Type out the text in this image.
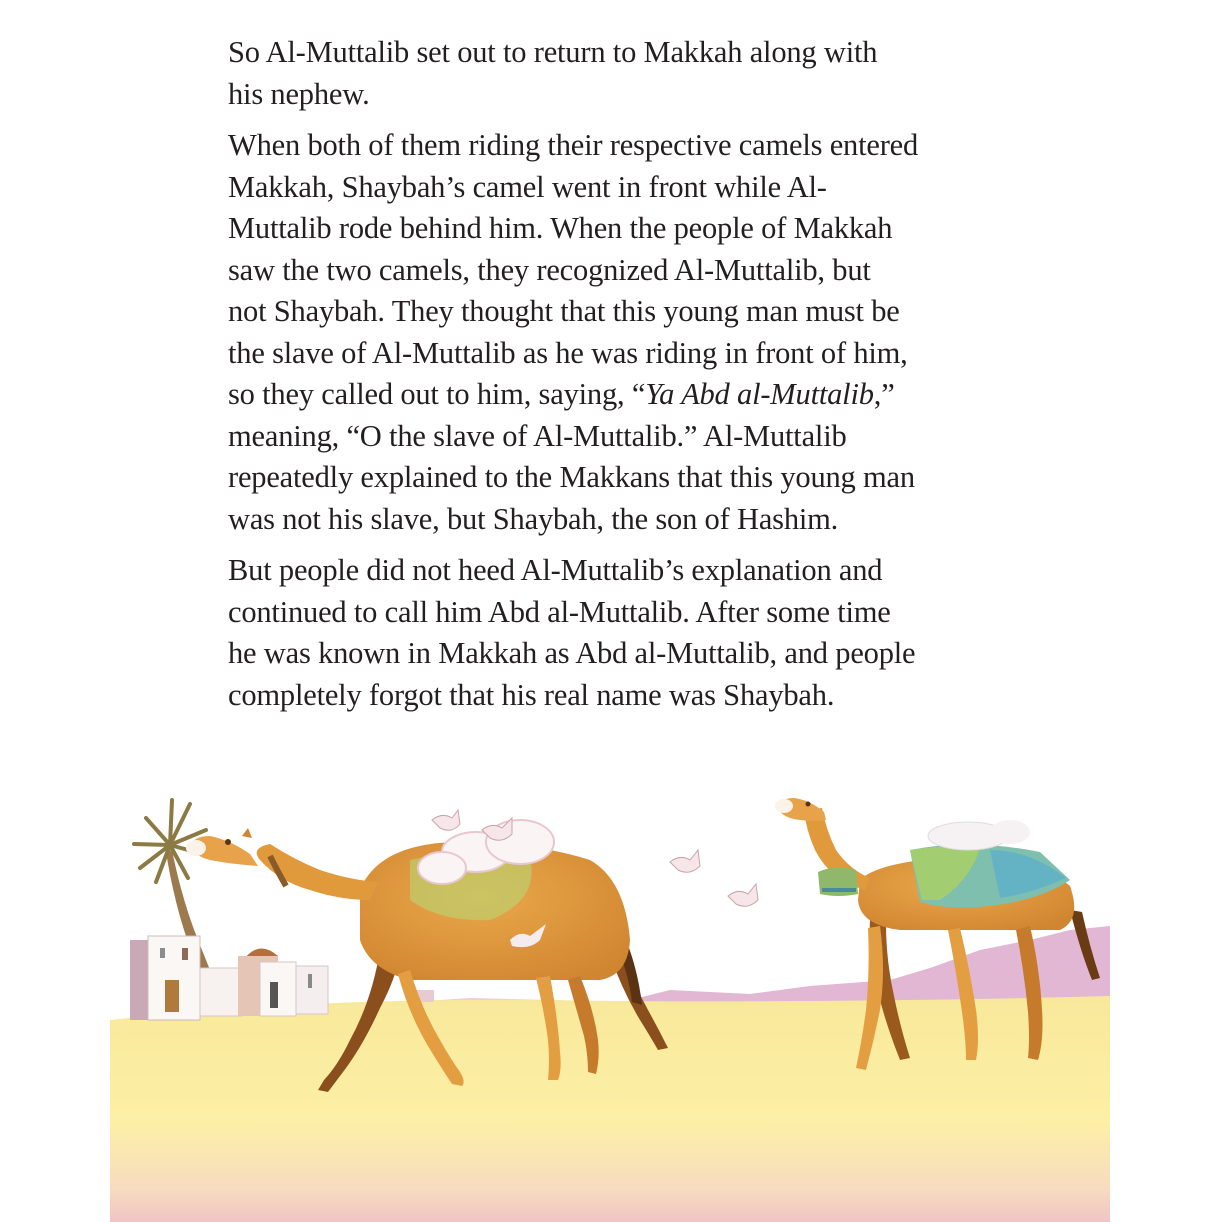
So Al-Muttalib set out to return to Makkah along with
his nephew.

When both of them riding their respective camels entered
Makkah, Shaybah’s camel went in front while Al-
Muttalib rode behind him. When the people of Makkah
saw the two camels, they recognized Al-Muttalib, but
not Shaybah. They thought that this young man must be
the slave of Al-Muttalib as he was riding in front of him,
so they called out to him, saying, “Ya Abd al-Muttalib,”
meaning, “O the slave of Al-Muttalib.” Al-Muttalib
repeatedly explained to the Makkans that this young man
was not his slave, but Shaybah, the son of Hashim.

But people did not heed Al-Muttalib’s explanation and
continued to call him Abd al-Muttalib. After some time
he was known in Makkah as Abd al-Muttalib, and people
completely forgot that his real name was Shaybah.
